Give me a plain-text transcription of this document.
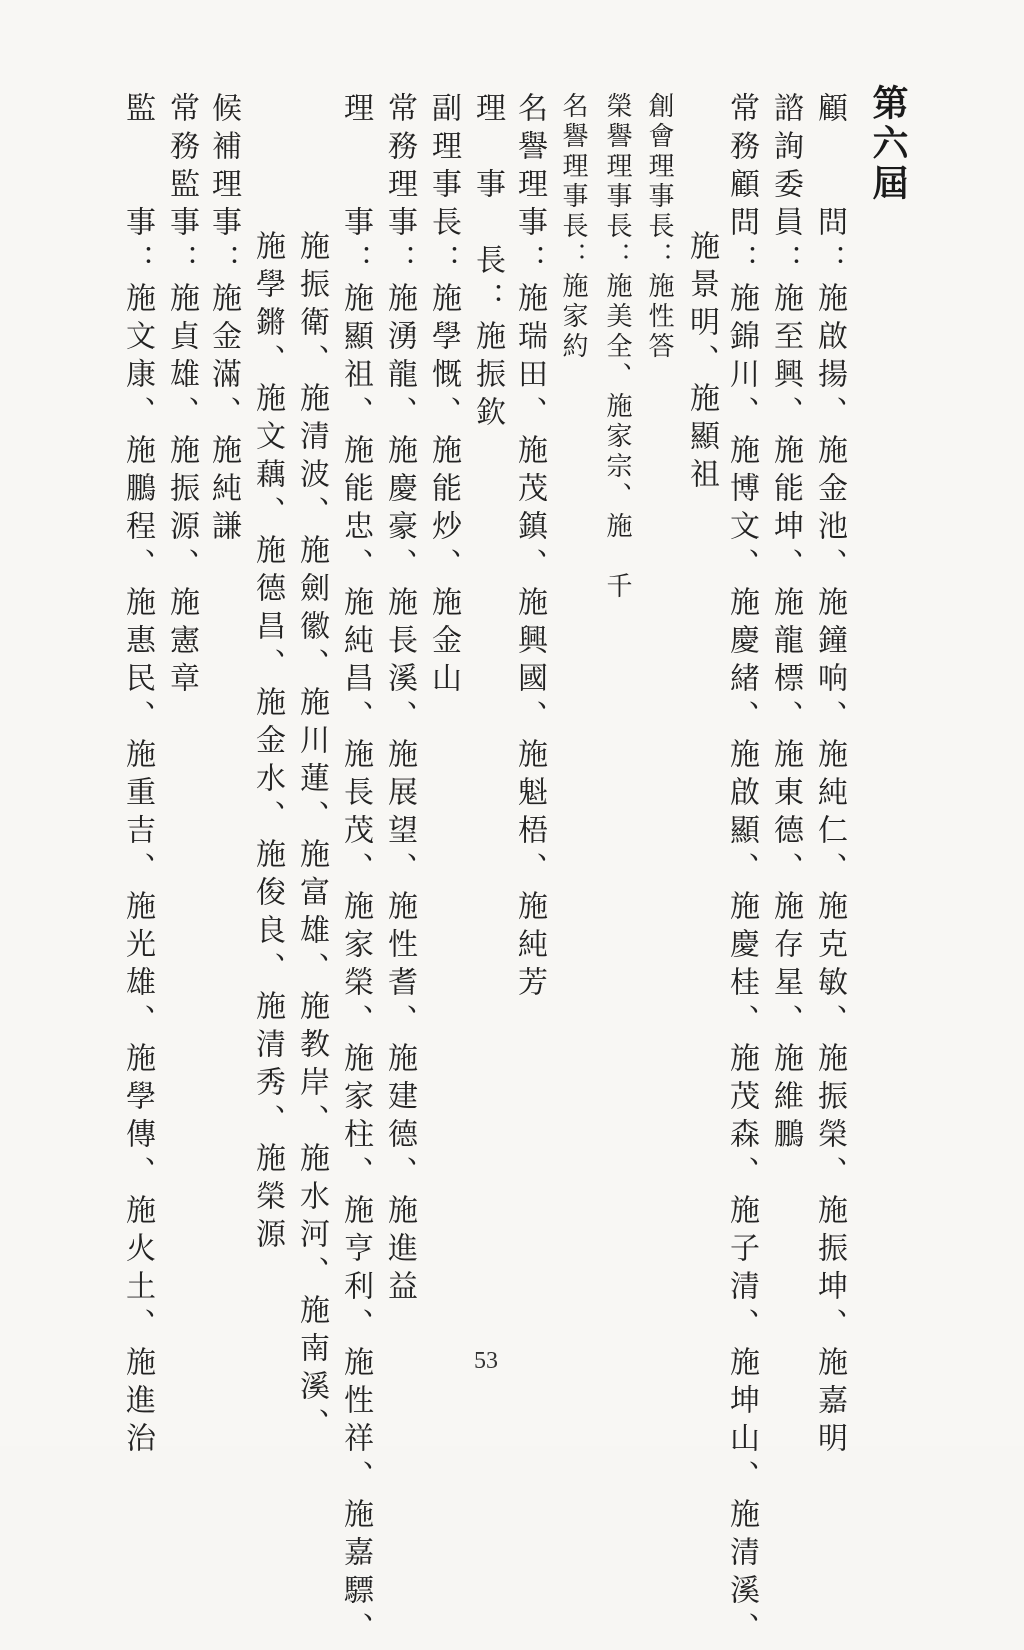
第六屆
顧　　問：施啟揚、施金池、施鐘响、施純仁、施克敏、施振榮、施振坤、施嘉明
諮詢委員：施至興、施能坤、施龍標、施東德、施存星、施維鵬
常務顧問：施錦川、施博文、施慶緒、施啟顯、施慶桂、施茂森、施子清、施坤山、施清溪、
施景明、施顯祖
創會理事長：施性答
榮譽理事長：施美全、施家宗、施　千
名譽理事長：施家約
名譽理事：施瑞田、施茂鎮、施興國、施魁梧、施純芳
理　事　長：施振欽
副理事長：施學慨、施能炒、施金山
常務理事：施湧龍、施慶豪、施長溪、施展望、施性耆、施建德、施進益
理　　事：施顯祖、施能忠、施純昌、施長茂、施家榮、施家柱、施亨利、施性祥、施嘉驃、
施振衛、施清波、施劍徽、施川蓮、施富雄、施教岸、施水河、施南溪、
施學鏘、施文藕、施德昌、施金水、施俊良、施清秀、施榮源
候補理事：施金滿、施純謙
常務監事：施貞雄、施振源、施憲章
監　　事：施文康、施鵬程、施惠民、施重吉、施光雄、施學傳、施火土、施進治	53
